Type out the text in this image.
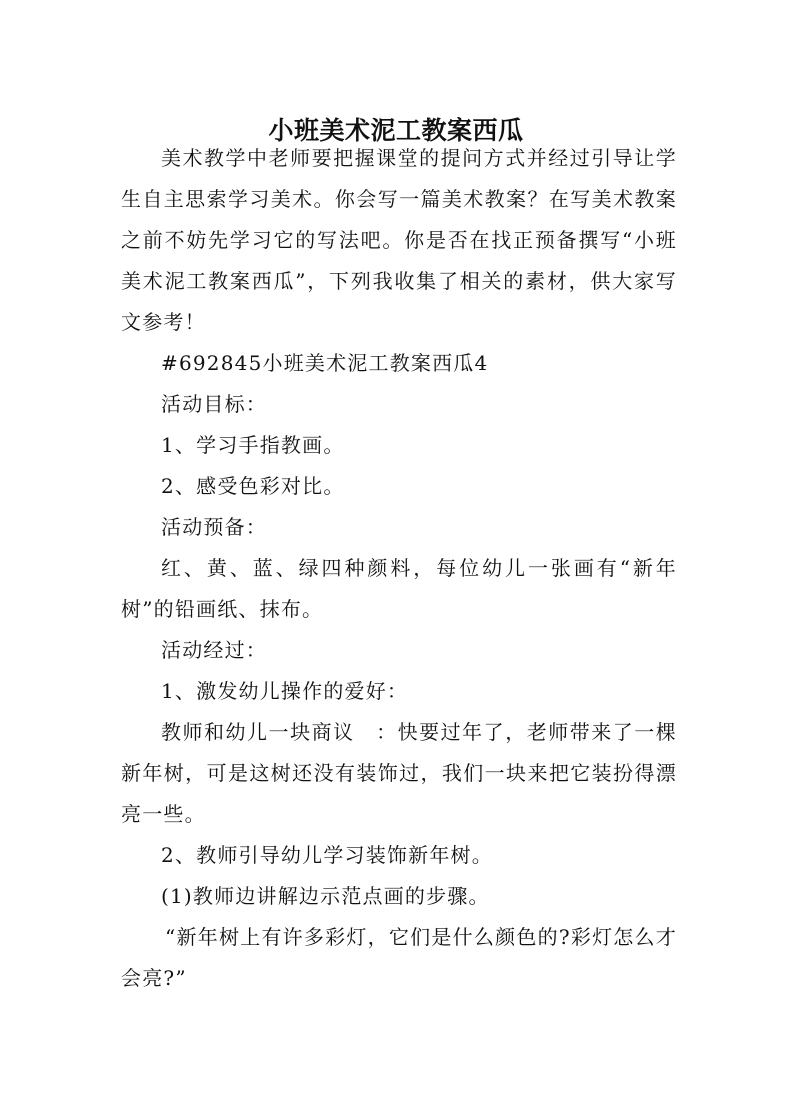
小班美术泥工教案西瓜

美术教学中老师要把握课堂的提问方式并经过引导让学生自主思索学习美术。你会写一篇美术教案？在写美术教案之前不妨先学习它的写法吧。你是否在找正预备撰写“小班美术泥工教案西瓜”，下列我收集了相关的素材，供大家写文参考！

#692845小班美术泥工教案西瓜4

活动目标：

1、学习手指教画。

2、感受色彩对比。

活动预备：

红、黄、蓝、绿四种颜料，每位幼儿一张画有“新年树”的铅画纸、抹布。

活动经过：

1、激发幼儿操作的爱好：

教师和幼儿一块商议　：快要过年了，老师带来了一棵新年树，可是这树还没有装饰过，我们一块来把它装扮得漂亮一些。

2、教师引导幼儿学习装饰新年树。

(1)教师边讲解边示范点画的步骤。

“新年树上有许多彩灯，它们是什么颜色的?彩灯怎么才会亮?”
